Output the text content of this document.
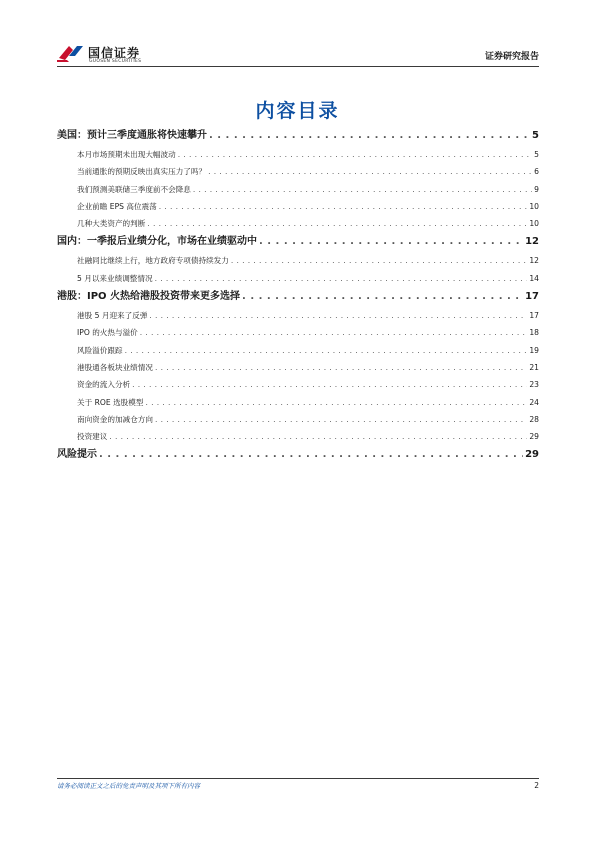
国信证券
GUOSEN SECURITIES	证券研究报告
内容目录
美国：预计三季度通胀将快速攀升 . . .	5
本月市场预期未出现大幅波动 . . .	5
当前通胀的预期反映出真实压力了吗？ . . .	6
我们预测美联储三季度前不会降息 . . .	9
企业前瞻 EPS 高位震荡 . . .	10
几种大类资产的判断 . . .	10
国内：一季报后业绩分化，市场在业绩驱动中 . . .	12
社融同比继续上行，地方政府专项债持续发力 . . .	12
5 月以来业绩调整情况 . . .	14
港股：IPO 火热给港股投资带来更多选择 . . .	17
港股 5 月迎来了反弹 . . .	17
IPO 的火热与溢价 . . .	18
风险溢价跟踪 . . .	19
港股通各板块业绩情况 . . .	21
资金的流入分析 . . .	23
关于 ROE 选股模型 . . .	24
南向资金的加减仓方向 . . .	28
投资建议 . . .	29
风险提示 . . .	29
请务必阅读正文之后的免责声明及其项下所有内容	2
